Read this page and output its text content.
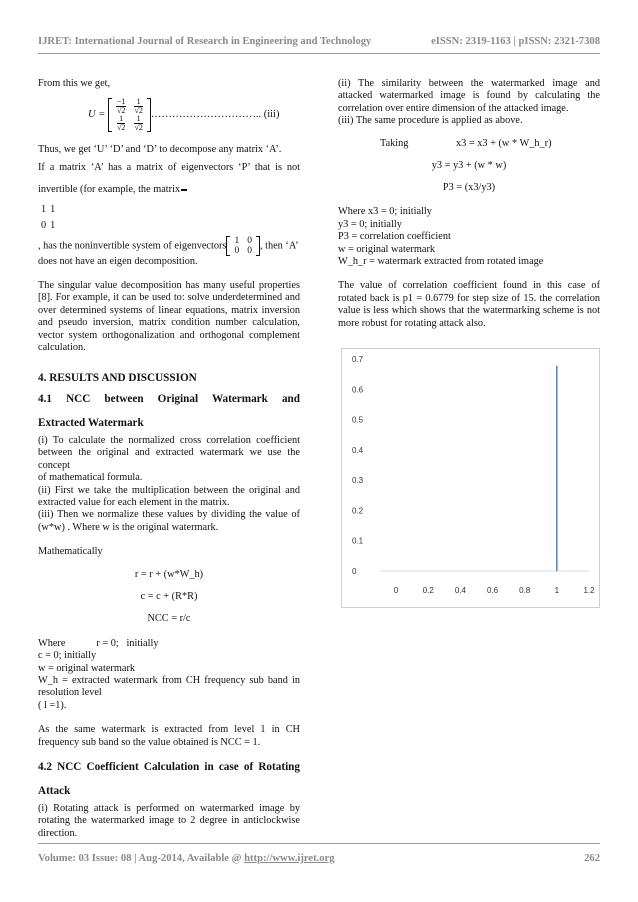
IJRET: International Journal of Research in Engineering and Technology	eISSN: 2319-1163 | pISSN: 2321-7308

From this we get,

U =
$\frac{-1}{√2}$	$\frac{1}{√2}$

$\frac{1}{√2}$	$\frac{1}{√2}$
………………………….. (iii)

Thus, we get ‘U’ ‘D’ and ‘D’ to decompose any matrix ‘A’.

If a matrix ‘A’ has a matrix of eigenvectors ‘P’ that is not invertible (for example, the matrix

1	1
0	1
, has the noninvertible system of eigenvectors 1	0
0	0 , then ‘A’ does not have an eigen decomposition.

The singular value decomposition has many useful properties [8]. For example, it can be used to: solve underdetermined and over determined systems of linear equations, matrix inversion and pseudo inversion, matrix condition number calculation, vector system orthogonalization and orthogonal complement calculation.

4. RESULTS AND DISCUSSION

4.1 NCC between Original Watermark and

Extracted Watermark

(i) To calculate the normalized cross correlation coefficient between the original and extracted watermark we use the concept

of mathematical formula.

(ii) First we take the multiplication between the original and extracted value for each element in the matrix.

(iii) Then we normalize these values by dividing the value of (w*w) . Where w is the original watermark.

Mathematically

r = r + (w*W_h)

c = c + (R*R)

NCC = r/c

Where            r = 0;   initially

c = 0; initially

w = original watermark

W_h = extracted watermark from CH frequency sub band in resolution level

( l =1).

As the same watermark is extracted from level 1 in CH frequency sub band so the value obtained is NCC = 1.

4.2 NCC Coefficient Calculation in case of Rotating

Attack

(i) Rotating attack is performed on watermarked image by rotating the watermarked image to 2 degree in anticlockwise direction.

(ii) The similarity between the watermarked image and attacked watermarked image is found by calculating the correlation over entire dimension of the attacked image.

(iii) The same procedure is applied as above.

Taking	x3 = x3 + (w * W_h_r)

y3 = y3 + (w * w)

P3 = (x3/y3)

Where x3 = 0; initially

y3 = 0; initially

P3 = correlation coefficient

w = original watermark

W_h_r = watermark extracted from rotated image

The value of correlation coefficient found in this case of rotated back is p1 = 0.6779 for step size of 15. the correlation value is less which shows that the watermarking scheme is not more robust for rotating attack also.

0
0.1
0.2
0.3
0.4
0.5
0.6
0.7
0	0.2	0.4	0.6	0.8	1	1.2
Volume: 03 Issue: 08 | Aug-2014, Available @ http://www.ijret.org	262
